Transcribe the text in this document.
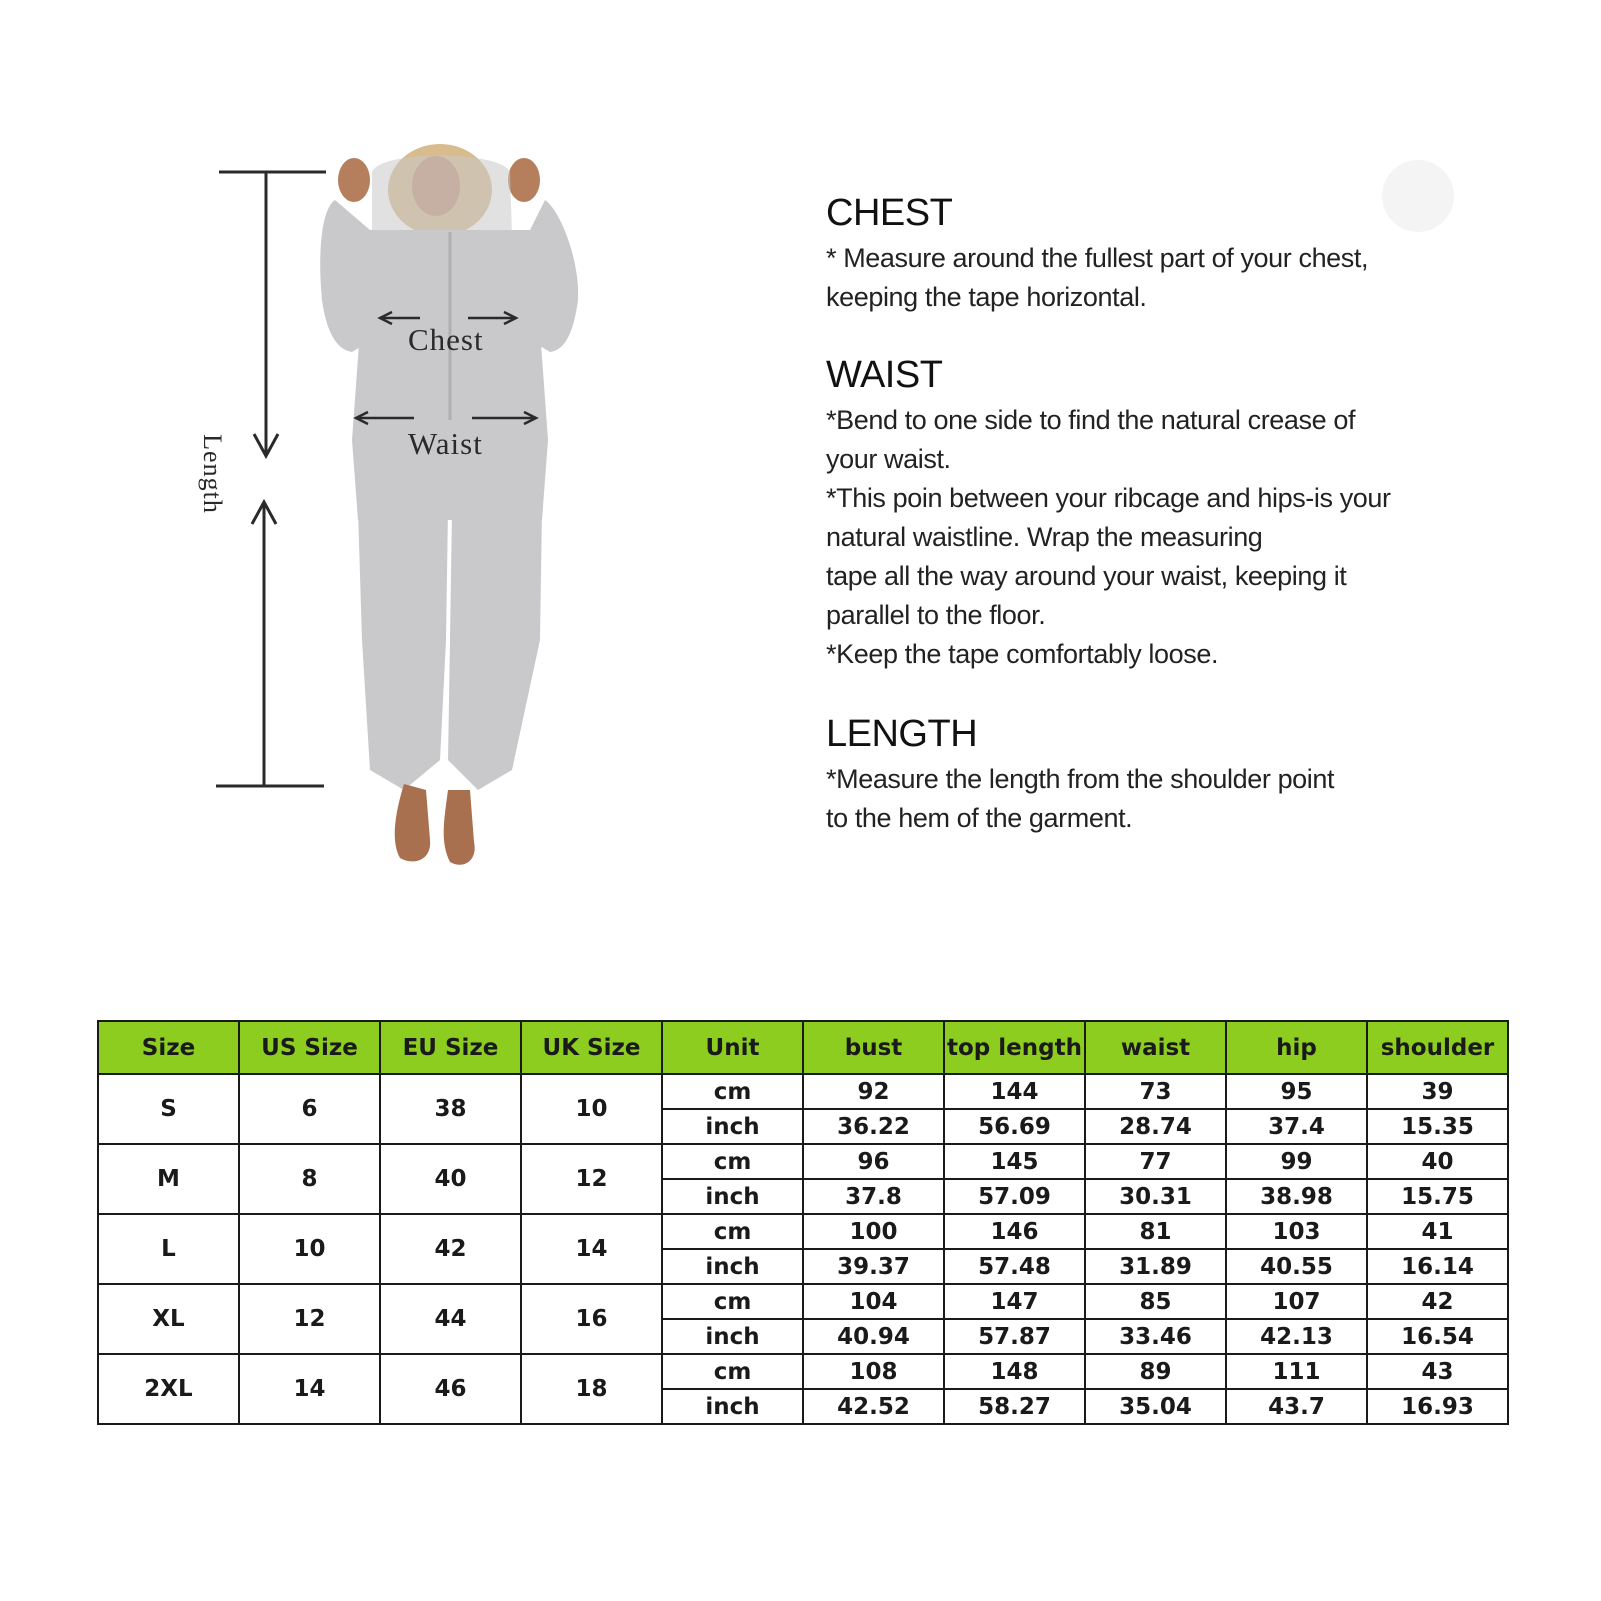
Chest
Waist
Length
CHEST

* Measure around the fullest part of your chest,

keeping the tape horizontal.

WAIST

*Bend to one side to find the natural crease of

your waist.

*This poin between your ribcage and hips-is your

natural waistline. Wrap the measuring

tape all the way around your waist, keeping it

parallel to the floor.

*Keep the tape comfortably loose.

LENGTH

*Measure the length from the shoulder point

to the hem of the garment.

Size	US Size	EU Size	UK Size	Unit	bust	top length	waist	hip	shoulder
S	6	38	10	cm	92	144	73	95	39
				inch	36.22	56.69	28.74	37.4	15.35
M	8	40	12	cm	96	145	77	99	40
				inch	37.8	57.09	30.31	38.98	15.75
L	10	42	14	cm	100	146	81	103	41
				inch	39.37	57.48	31.89	40.55	16.14
XL	12	44	16	cm	104	147	85	107	42
				inch	40.94	57.87	33.46	42.13	16.54
2XL	14	46	18	cm	108	148	89	111	43
				inch	42.52	58.27	35.04	43.7	16.93
